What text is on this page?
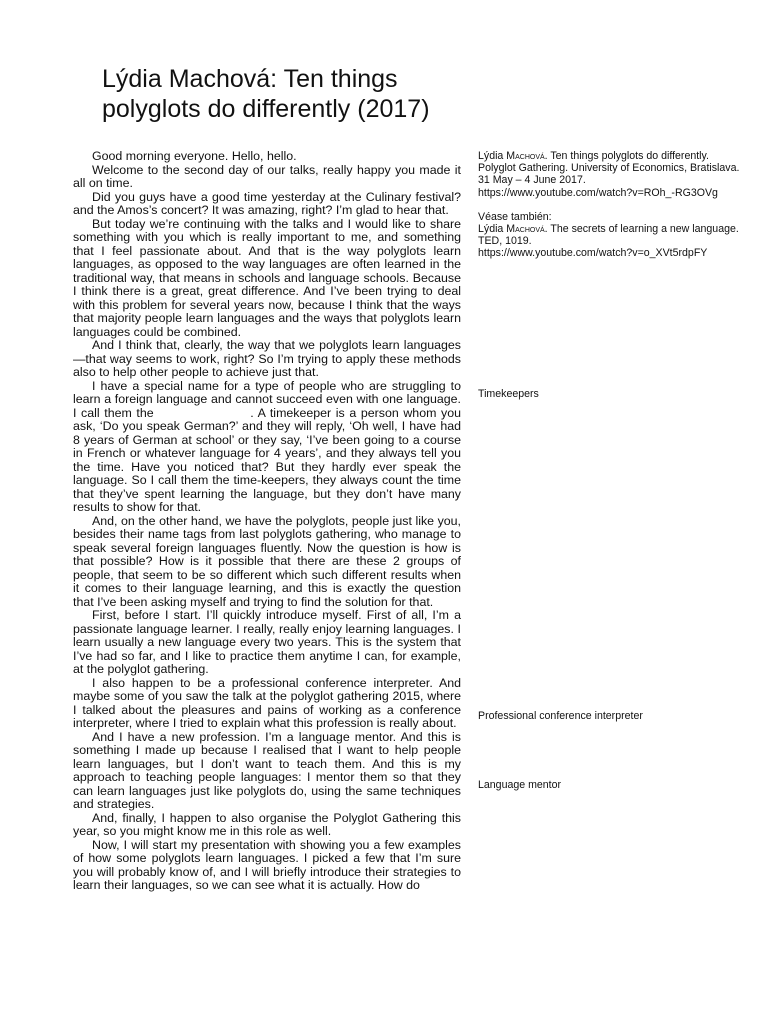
Lýdia Machová: Ten things polyglots do differently (2017)

Good morning everyone. Hello, hello.

Welcome to the second day of our talks, really happy you made it all on time.

Did you guys have a good time yesterday at the Culinary festival? and the Amos’s concert? It was amazing, right? I’m glad to hear that.

But today we’re continuing with the talks and I would like to share something with you which is really important to me, and something that I feel passionate about. And that is the way polyglots learn languages, as opposed to the way languages are often learned in the traditional way, that means in schools and language schools. Because I think there is a great, great difference. And I’ve been trying to deal with this problem for several years now, because I think that the ways that majority people learn languages and the ways that polyglots learn languages could be combined.

And I think that, clearly, the way that we polyglots learn languages—that way seems to work, right? So I’m trying to apply these methods also to help other people to achieve just that.

I have a special name for a type of people who are struggling to learn a foreign language and cannot succeed even with one language. I call them the	. A timekeeper is a person whom you ask, ‘Do you speak German?’ and they will reply, ‘Oh well, I have had 8 years of German at school’ or they say, ‘I’ve been going to a course in French or whatever language for 4 years’, and they always tell you the time. Have you noticed that? But they hardly ever speak the language. So I call them the time-keepers, they always count the time that they’ve spent learning the language, but they don’t have many results to show for that.

And, on the other hand, we have the polyglots, people just like you, besides their name tags from last polyglots gathering, who manage to speak several foreign languages fluently. Now the question is how is that possible? How is it possible that there are these 2 groups of people, that seem to be so different which such different results when it comes to their language learning, and this is exactly the question that I’ve been asking myself and trying to find the solution for that.

First, before I start. I’ll quickly introduce myself. First of all, I’m a passionate language learner. I really, really enjoy learning languages. I learn usually a new language every two years. This is the system that I’ve had so far, and I like to practice them anytime I can, for example, at the polyglot gathering.

I also happen to be a professional conference interpreter. And maybe some of you saw the talk at the polyglot gathering 2015, where I talked about the pleasures and pains of working as a conference interpreter, where I tried to explain what this profession is really about.

And I have a new profession. I’m a language mentor. And this is something I made up because I realised that I want to help people learn languages, but I don’t want to teach them. And this is my approach to teaching people languages: I mentor them so that they can learn languages just like polyglots do, using the same techniques and strategies.

And, finally, I happen to also organise the Polyglot Gathering this year, so you might know me in this role as well.

Now, I will start my presentation with showing you a few examples of how some polyglots learn languages. I picked a few that I’m sure you will probably know of, and I will briefly introduce their strategies to learn their languages, so we can see what it is actually. How do

Lýdia Machová. Ten things polyglots do differently. Polyglot Gathering. University of Economics, Bratislava. 31 May – 4 June 2017.
https://www.youtube.com/watch?v=ROh_-RG3OVg

Véase también:

Lýdia Machová. The secrets of learning a new language. TED, 1019.
https://www.youtube.com/watch?v=o_XVt5rdpFY

Timekeepers
Professional conference interpreter
Language mentor
